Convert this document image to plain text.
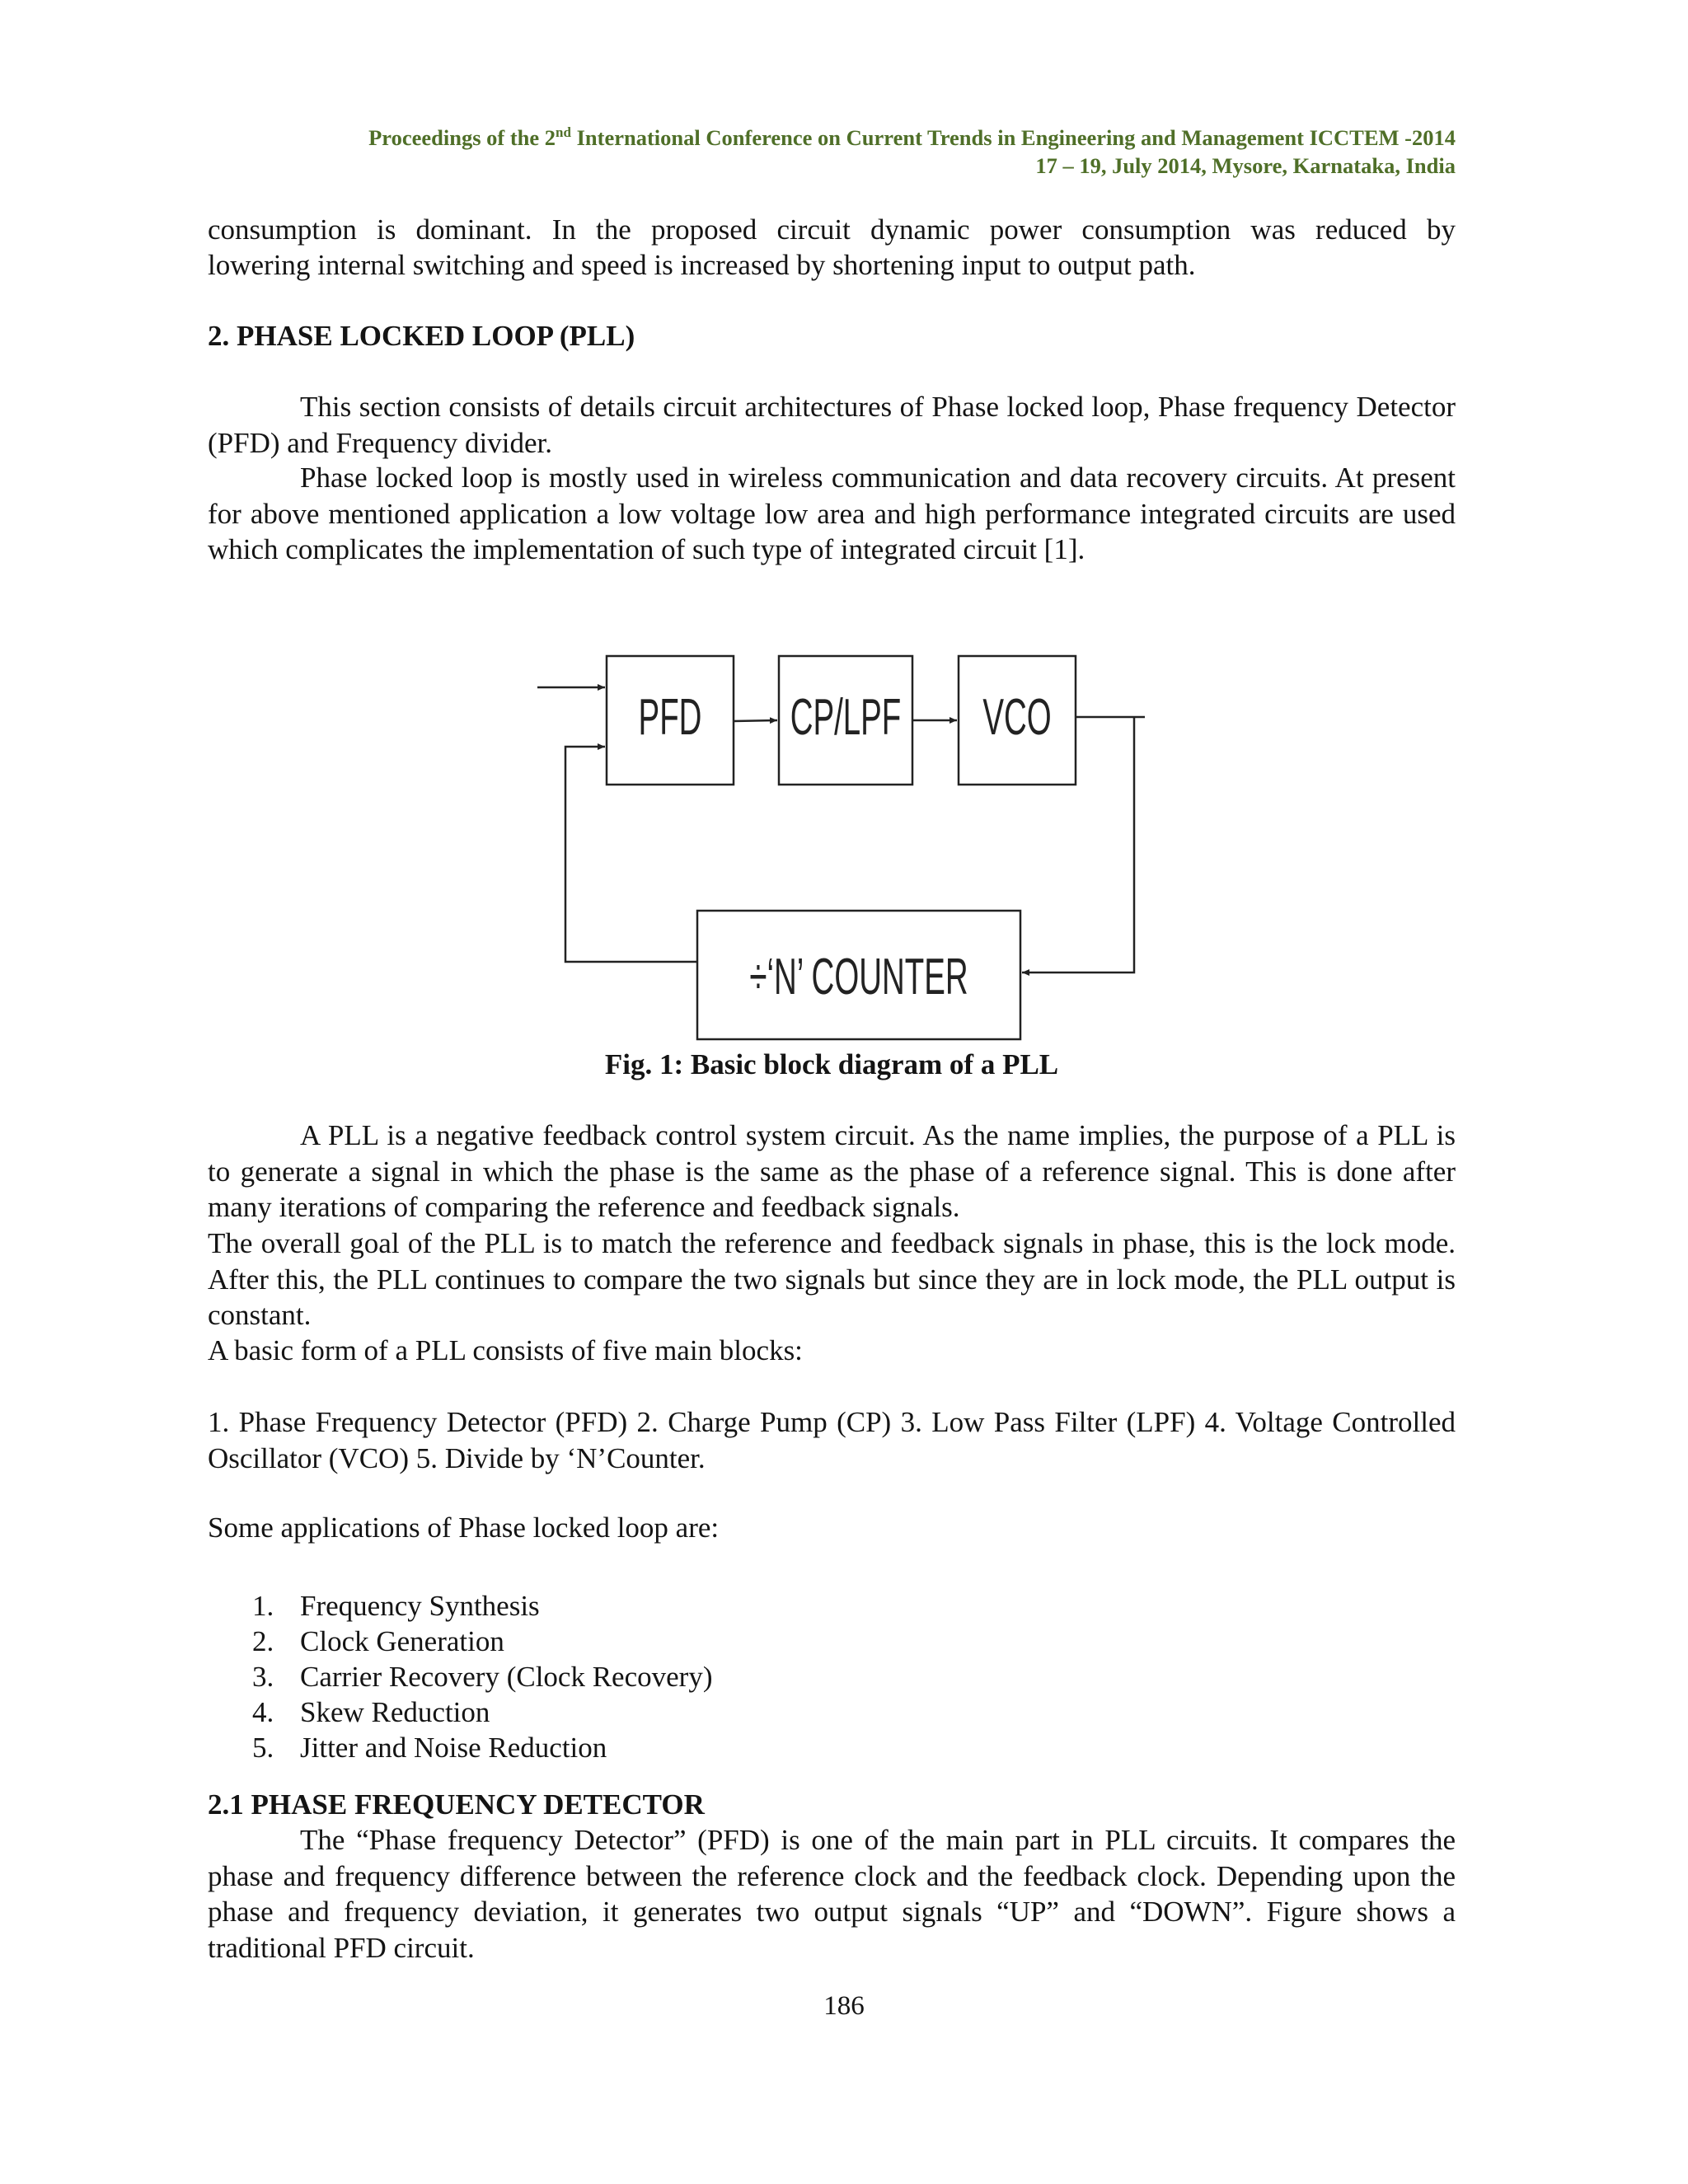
Proceedings of the 2nd International Conference on Current Trends in Engineering and Management ICCTEM -2014
17 – 19, July 2014, Mysore, Karnataka, India
consumption is dominant. In the proposed circuit dynamic power consumption was reduced by
lowering internal switching and speed is increased by shortening input to output path.
2. PHASE LOCKED LOOP (PLL)

This section consists of details circuit architectures of Phase locked loop, Phase frequency Detector (PFD) and Frequency divider.

Phase locked loop is mostly used in wireless communication and data recovery circuits. At present for above mentioned application a low voltage low area and high performance integrated circuits are used which complicates the implementation of such type of integrated circuit [1].

PFD CP/LPF VCO
÷‘N’ COUNTER
Fig. 1: Basic block diagram of a PLL

A PLL is a negative feedback control system circuit. As the name implies, the purpose of a PLL is to generate a signal in which the phase is the same as the phase of a reference signal. This is done after many iterations of comparing the reference and feedback signals.

The overall goal of the PLL is to match the reference and feedback signals in phase, this is the lock mode. After this, the PLL continues to compare the two signals but since they are in lock mode, the PLL output is constant.

A basic form of a PLL consists of five main blocks:

1. Phase Frequency Detector (PFD) 2. Charge Pump (CP) 3. Low Pass Filter (LPF) 4. Voltage Controlled Oscillator (VCO) 5. Divide by ‘N’Counter.

Some applications of Phase locked loop are:

1. Frequency Synthesis
2. Clock Generation
3. Carrier Recovery (Clock Recovery)
4. Skew Reduction
5. Jitter and Noise Reduction
2.1 PHASE FREQUENCY DETECTOR

The “Phase frequency Detector” (PFD) is one of the main part in PLL circuits. It compares the phase and frequency difference between the reference clock and the feedback clock. Depending upon the phase and frequency deviation, it generates two output signals “UP” and “DOWN”. Figure shows a traditional PFD circuit.

186
